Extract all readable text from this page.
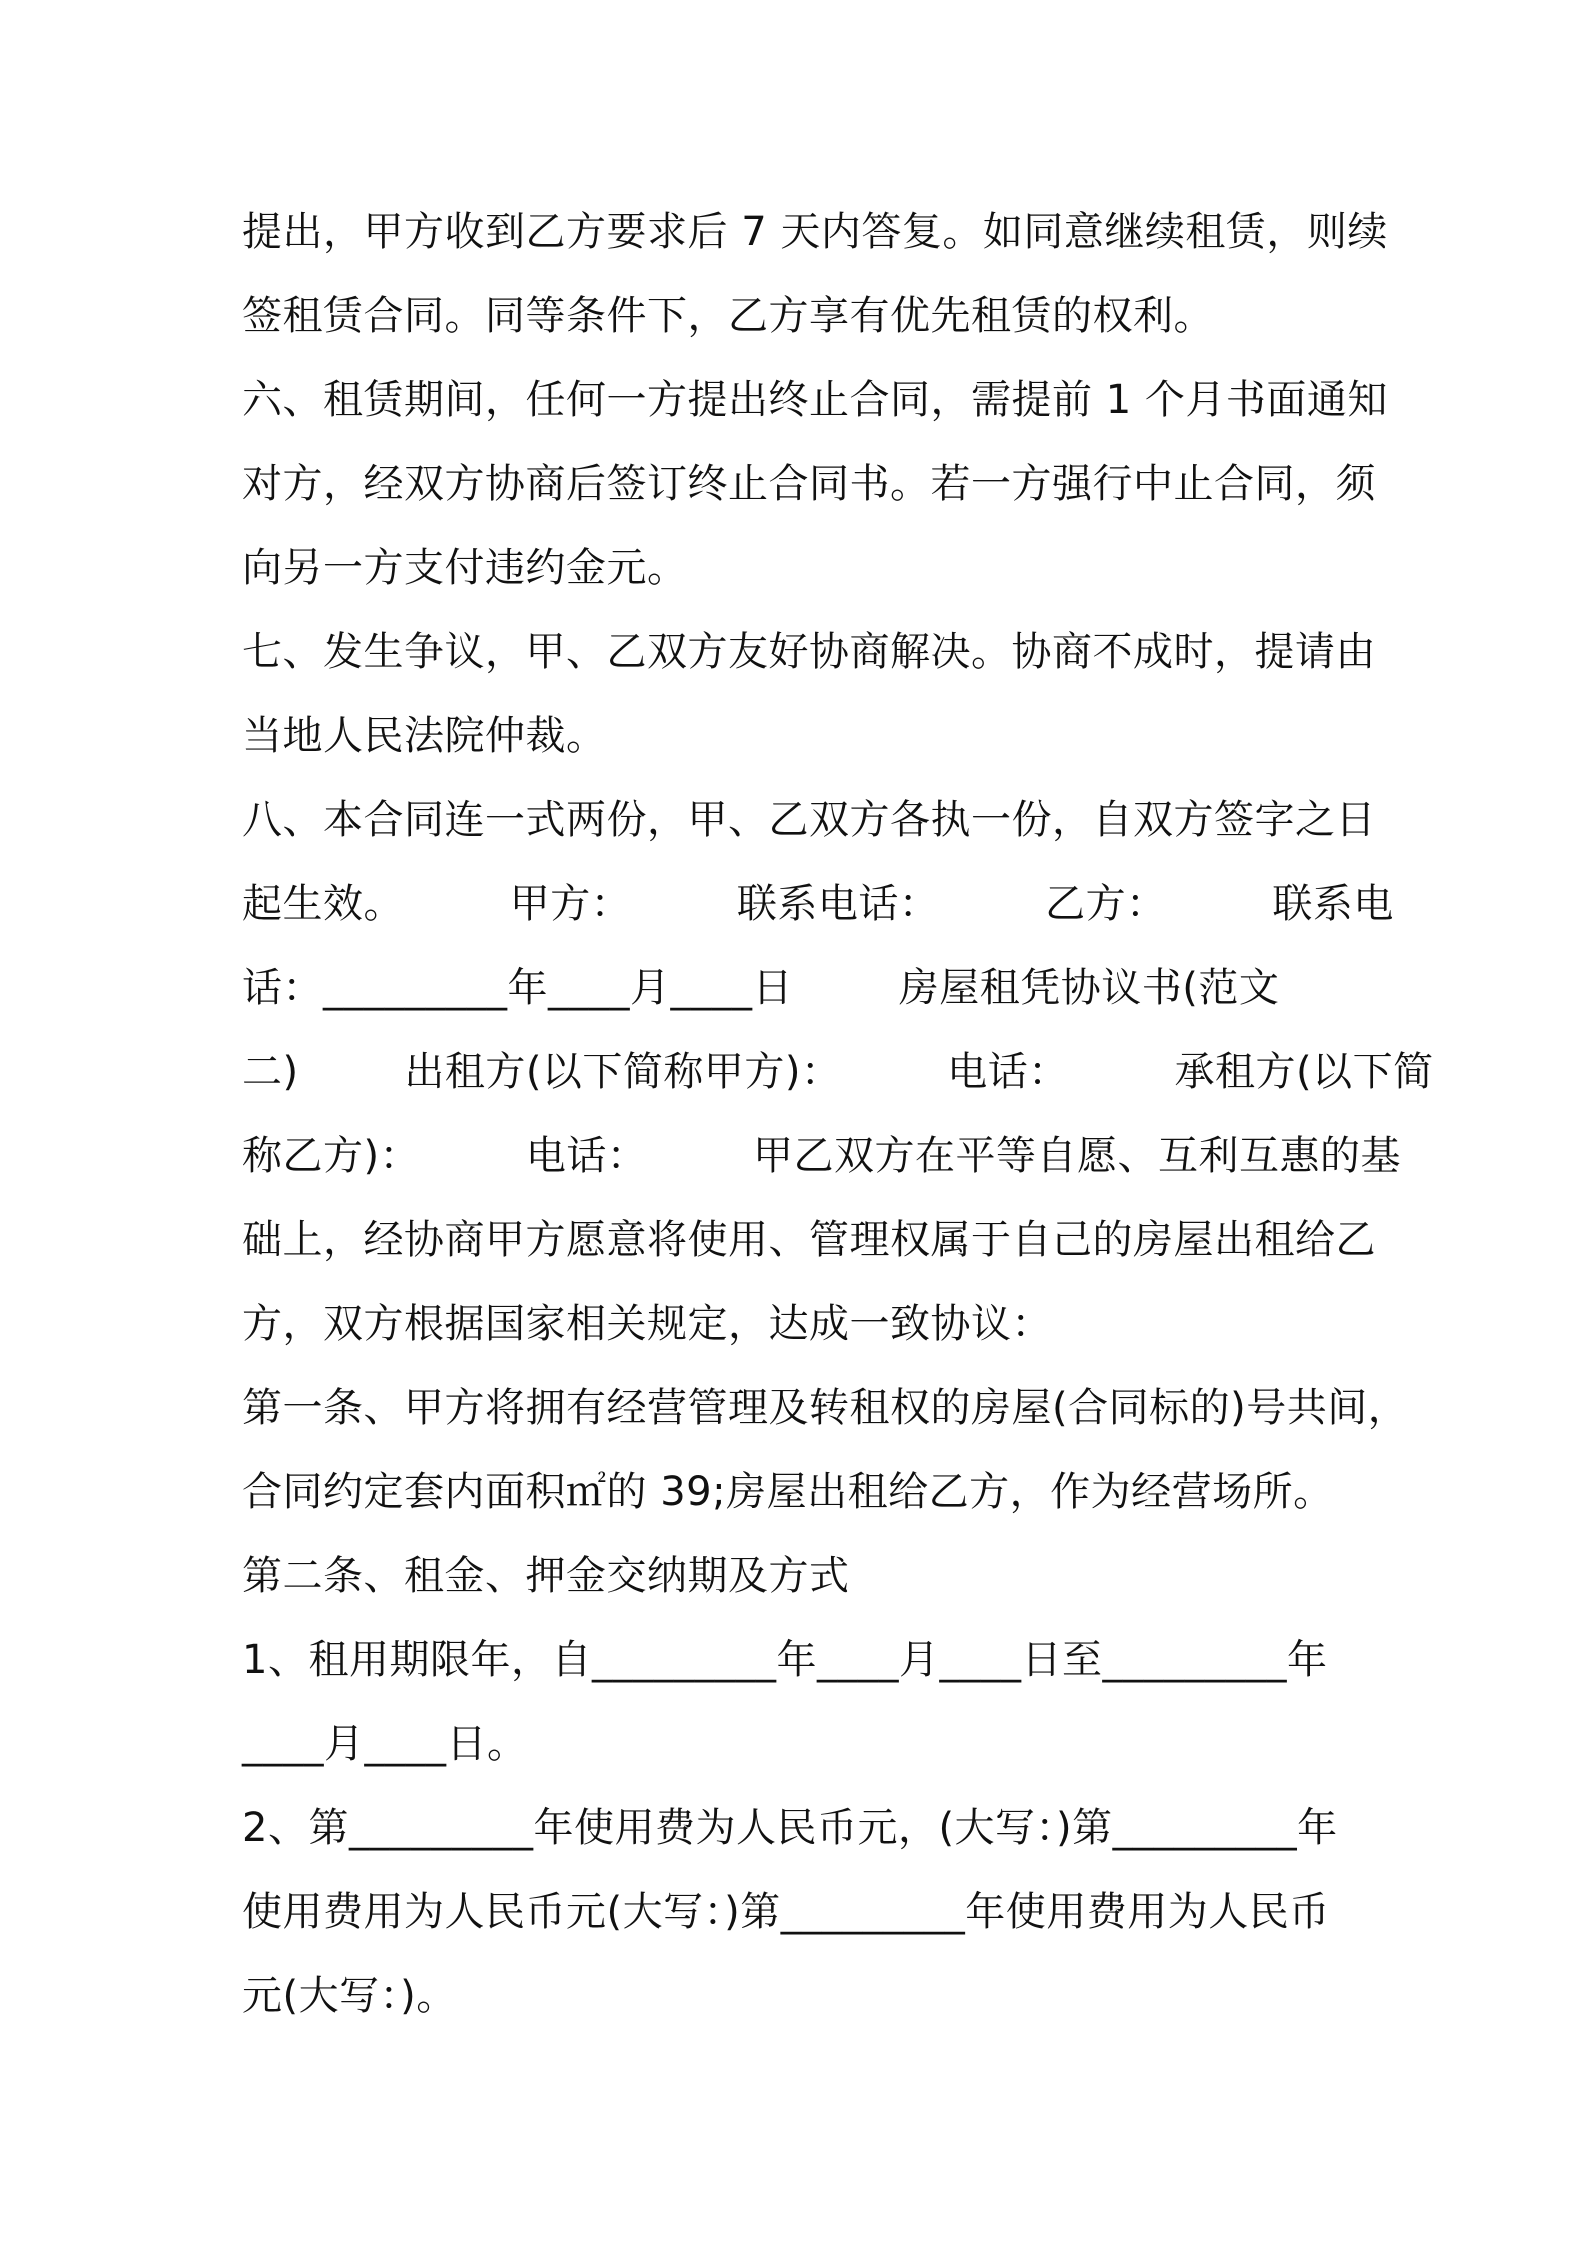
提出，甲方收到乙方要求后 7 天内答复。如同意继续租赁，则续
签租赁合同。同等条件下，乙方享有优先租赁的权利。
六、租赁期间，任何一方提出终止合同，需提前 1 个月书面通知
对方，经双方协商后签订终止合同书。若一方强行中止合同，须
向另一方支付违约金元。
七、发生争议，甲、乙双方友好协商解决。协商不成时，提请由
当地人民法院仲裁。
八、本合同连一式两份，甲、乙双方各执一份，自双方签字之日
起生效。        甲方：        联系电话：        乙方：        联系电
话：_________年____月____日        房屋租凭协议书(范文
二)        出租方(以下简称甲方)：        电话：        承租方(以下简
称乙方)：        电话：        甲乙双方在平等自愿、互利互惠的基
础上，经协商甲方愿意将使用、管理权属于自己的房屋出租给乙
方，双方根据国家相关规定，达成一致协议：
第一条、甲方将拥有经营管理及转租权的房屋(合同标的)号共间，
合同约定套内面积㎡的 39;房屋出租给乙方，作为经营场所。
第二条、租金、押金交纳期及方式
1、租用期限年，自_________年____月____日至_________年
____月____日。
2、第_________年使用费为人民币元，(大写：)第_________年
使用费用为人民币元(大写：)第_________年使用费用为人民币
元(大写：)。
